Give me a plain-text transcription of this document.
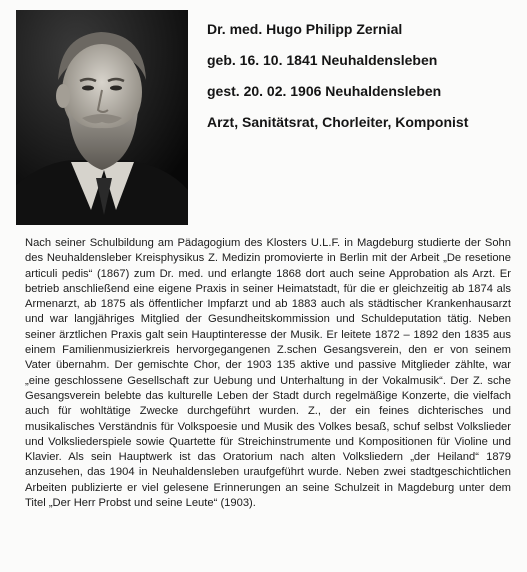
Dr. med. Hugo Philipp Zernial
geb. 16. 10. 1841 Neuhaldensleben
gest. 20. 02. 1906 Neuhaldensleben
Arzt, Sanitätsrat, Chorleiter, Komponist
Nach seiner Schulbildung am Pädagogium des Klosters U.L.F. in Magdeburg studierte der Sohn des Neuhaldensleber Kreisphysikus Z. Medizin promovierte in Berlin mit der Arbeit „De resetione articuli pedis“ (1867) zum Dr. med. und erlangte 1868 dort auch seine Approbation als Arzt. Er betrieb anschließend eine eigene Praxis in seiner Heimatstadt, für die er gleichzeitig ab 1874 als Armenarzt, ab 1875 als öffentlicher Impfarzt und ab 1883 auch als städtischer Krankenhausarzt und war langjähriges Mitglied der Gesundheitskommission und Schuldeputation tätig. Neben seiner ärztlichen Praxis galt sein Hauptinteresse der Musik. Er leitete 1872 – 1892 den 1835 aus einem Familienmusizierkreis hervorgegangenen Z.schen Gesangsverein, den er von seinem Vater übernahm. Der gemischte Chor, der 1903 135 aktive und passive Mitglieder zählte, war „eine geschlossene Gesellschaft zur Uebung und Unterhaltung in der Vokalmusik“. Der Z. sche Gesangsverein belebte das kulturelle Leben der Stadt durch regelmäßige Konzerte, die vielfach auch für wohltätige Zwecke durchgeführt wurden. Z., der ein feines dichterisches und musikalisches Verständnis für Volkspoesie und Musik des Volkes besaß, schuf selbst Volkslieder und Volksliederspiele sowie Quartette für Streichinstrumente und Kompositionen für Violine und Klavier. Als sein Hauptwerk ist das Oratorium nach alten Volksliedern „der Heiland“ 1879 anzusehen, das 1904 in Neuhaldensleben uraufgeführt wurde. Neben zwei stadtgeschichtlichen Arbeiten publizierte er viel gelesene Erinnerungen an seine Schulzeit in Magdeburg unter dem Titel „Der Herr Probst und seine Leute“ (1903).
